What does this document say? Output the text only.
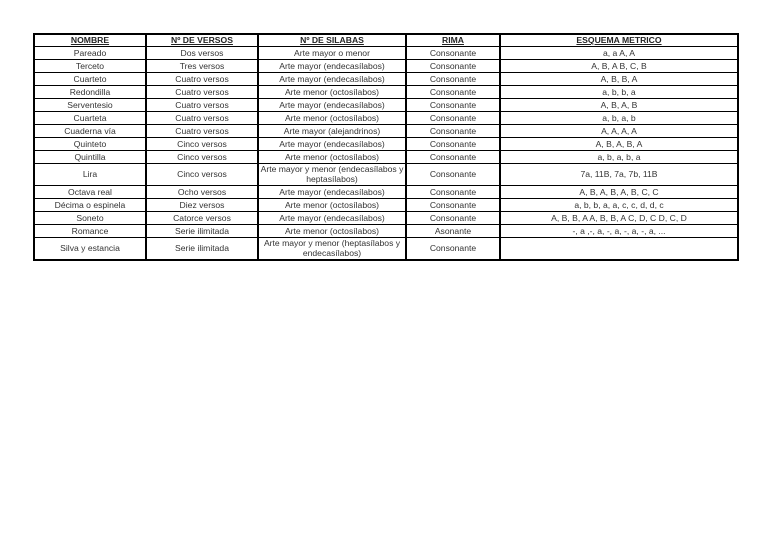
NOMBRE	Nº DE VERSOS	Nº DE SILABAS	RIMA	ESQUEMA METRICO
Pareado	Dos versos	Arte mayor o menor	Consonante	a, a A, A
Terceto	Tres versos	Arte mayor (endecasílabos)	Consonante	A, B, A B, C, B
Cuarteto	Cuatro versos	Arte mayor (endecasílabos)	Consonante	A, B, B, A
Redondilla	Cuatro versos	Arte menor (octosílabos)	Consonante	a, b, b, a
Serventesio	Cuatro versos	Arte mayor (endecasílabos)	Consonante	A, B, A, B
Cuarteta	Cuatro versos	Arte menor (octosílabos)	Consonante	a, b, a, b
Cuaderna vía	Cuatro versos	Arte mayor (alejandrinos)	Consonante	A, A, A, A
Quinteto	Cinco versos	Arte mayor (endecasílabos)	Consonante	A, B, A, B, A
Quintilla	Cinco versos	Arte menor (octosílabos)	Consonante	a, b, a, b, a
Lira	Cinco versos	Arte mayor y menor (endecasílabos y heptasílabos)	Consonante	7a, 11B, 7a, 7b, 11B
Octava real	Ocho versos	Arte mayor (endecasílabos)	Consonante	A, B, A, B, A, B, C, C
Décima o espinela	Diez versos	Arte menor (octosílabos)	Consonante	a, b, b, a, a, c, c, d, d, c
Soneto	Catorce versos	Arte mayor (endecasílabos)	Consonante	A, B, B, A A, B, B, A C, D, C D, C, D
Romance	Serie ilimitada	Arte menor (octosílabos)	Asonante	-, a ,-, a, -, a, -, a, -, a, ...
Silva y estancia	Serie ilimitada	Arte mayor y menor (heptasílabos y endecasílabos)	Consonante	
